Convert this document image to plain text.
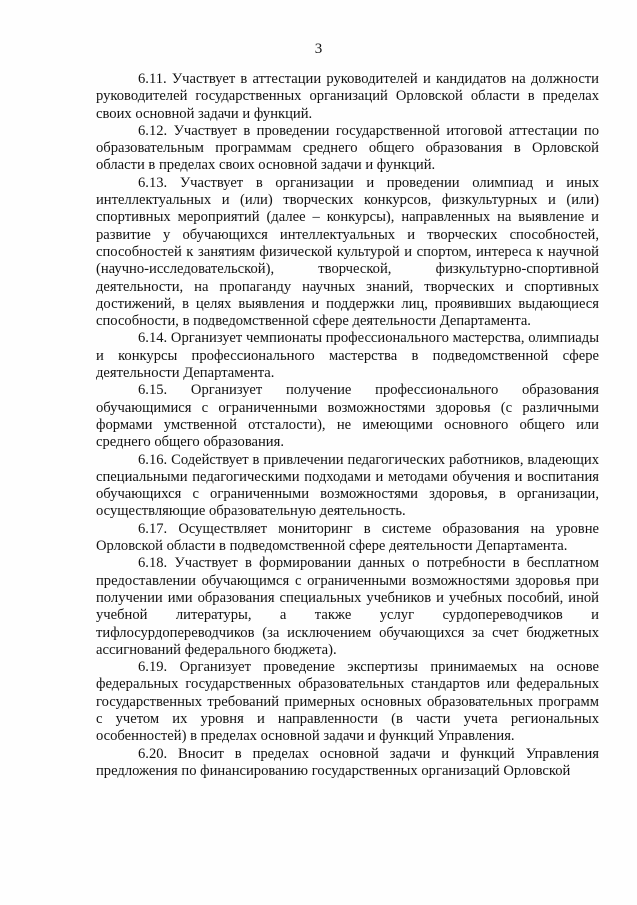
3

6.11. Участвует в аттестации руководителей и кандидатов на должности руководителей государственных организаций Орловской области в пределах своих основной задачи и функций.

6.12. Участвует в проведении государственной итоговой аттестации по образовательным программам среднего общего образования в Орловской области в пределах своих основной задачи и функций.

6.13. Участвует в организации и проведении олимпиад и иных интеллектуальных и (или) творческих конкурсов, физкультурных и (или) спортивных мероприятий (далее – конкурсы), направленных на выявление и развитие у обучающихся интеллектуальных и творческих способностей, способностей к занятиям физической культурой и спортом, интереса к научной (научно-исследовательской), творческой, физкультурно-спортивной деятельности, на пропаганду научных знаний, творческих и спортивных достижений, в целях выявления и поддержки лиц, проявивших выдающиеся способности, в подведомственной сфере деятельности Департамента.

6.14. Организует чемпионаты профессионального мастерства, олимпиады и конкурсы профессионального мастерства в подведомственной сфере деятельности Департамента.

6.15. Организует получение профессионального образования обучающимися с ограниченными возможностями здоровья (с различными формами умственной отсталости), не имеющими основного общего или среднего общего образования.

6.16. Содействует в привлечении педагогических работников, владеющих специальными педагогическими подходами и методами обучения и воспитания обучающихся с ограниченными возможностями здоровья, в организации, осуществляющие образовательную деятельность.

6.17. Осуществляет мониторинг в системе образования на уровне Орловской области в подведомственной сфере деятельности Департамента.

6.18. Участвует в формировании данных о потребности в бесплатном предоставлении обучающимся с ограниченными возможностями здоровья при получении ими образования специальных учебников и учебных пособий, иной учебной литературы, а также услуг сурдопереводчиков и тифлосурдопереводчиков (за исключением обучающихся за счет бюджетных ассигнований федерального бюджета).

6.19. Организует проведение экспертизы принимаемых на основе федеральных государственных образовательных стандартов или федеральных государственных требований примерных основных образовательных программ с учетом их уровня и направленности (в части учета региональных особенностей) в пределах основной задачи и функций Управления.

6.20. Вносит в пределах основной задачи и функций Управления предложения по финансированию государственных организаций Орловской
